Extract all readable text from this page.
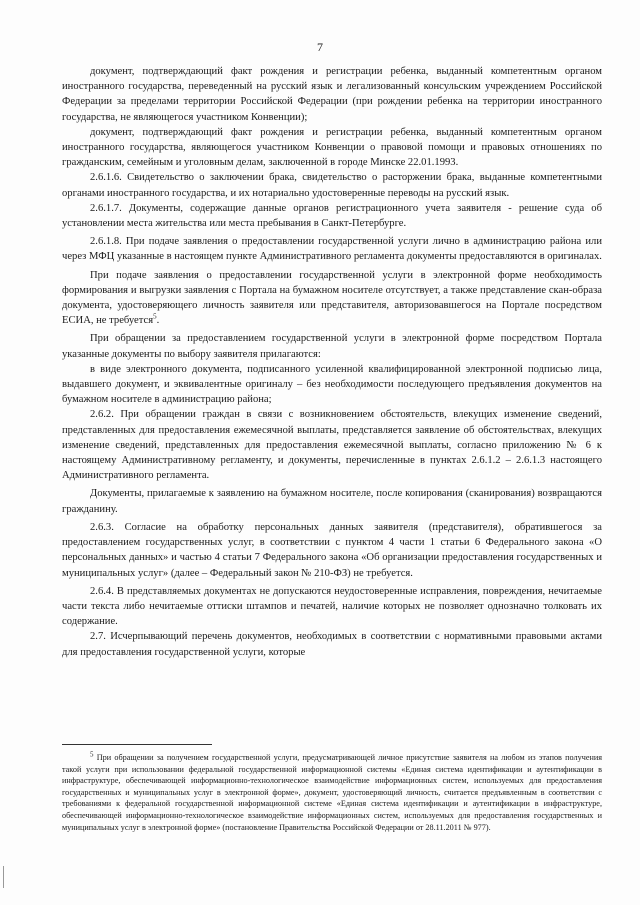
7

документ, подтверждающий факт рождения и регистрации ребенка, выданный компетентным органом иностранного государства, переведенный на русский язык и легализованный консульским учреждением Российской Федерации за пределами территории Российской Федерации (при рождении ребенка на территории иностранного государства, не являющегося участником Конвенции);

документ, подтверждающий факт рождения и регистрации ребенка, выданный компетентным органом иностранного государства, являющегося участником Конвенции о правовой помощи и правовых отношениях по гражданским, семейным и уголовным делам, заключенной в городе Минске 22.01.1993.

2.6.1.6. Свидетельство о заключении брака, свидетельство о расторжении брака, выданные компетентными органами иностранного государства, и их нотариально удостоверенные переводы на русский язык.

2.6.1.7. Документы, содержащие данные органов регистрационного учета заявителя - решение суда об установлении места жительства или места пребывания в Санкт-Петербурге.

2.6.1.8. При подаче заявления о предоставлении государственной услуги лично в администрацию района или через МФЦ указанные в настоящем пункте Административного регламента документы предоставляются в оригиналах.

При подаче заявления о предоставлении государственной услуги в электронной форме необходимость формирования и выгрузки заявления с Портала на бумажном носителе отсутствует, а также представление скан-образа документа, удостоверяющего личность заявителя или представителя, авторизовавшегося на Портале посредством ЕСИА, не требуется$^5$.

При обращении за предоставлением государственной услуги в электронной форме посредством Портала указанные документы по выбору заявителя прилагаются:

в виде электронного документа, подписанного усиленной квалифицированной электронной подписью лица, выдавшего документ, и эквивалентные оригиналу – без необходимости последующего предъявления документов на бумажном носителе в администрацию района;

2.6.2. При обращении граждан в связи с возникновением обстоятельств, влекущих изменение сведений, представленных для предоставления ежемесячной выплаты, представляется заявление об обстоятельствах, влекущих изменение сведений, представленных для предоставления ежемесячной выплаты, согласно приложению № 6 к настоящему Административному регламенту, и документы, перечисленные в пунктах 2.6.1.2 – 2.6.1.3 настоящего Административного регламента.

Документы, прилагаемые к заявлению на бумажном носителе, после копирования (сканирования) возвращаются гражданину.

2.6.3. Согласие на обработку персональных данных заявителя (представителя), обратившегося за предоставлением государственных услуг, в соответствии с пунктом 4 части 1 статьи 6 Федерального закона «О персональных данных» и частью 4 статьи 7 Федерального закона «Об организации предоставления государственных и муниципальных услуг» (далее – Федеральный закон № 210-ФЗ) не требуется.

2.6.4. В представляемых документах не допускаются неудостоверенные исправления, повреждения, нечитаемые части текста либо нечитаемые оттиски штампов и печатей, наличие которых не позволяет однозначно толковать их содержание.

2.7. Исчерпывающий перечень документов, необходимых в соответствии с нормативными правовыми актами для предоставления государственной услуги, которые

$^5$ При обращении за получением государственной услуги, предусматривающей личное присутствие заявителя на любом из этапов получения такой услуги при использовании федеральной государственной информационной системы «Единая система идентификации и аутентификации в инфраструктуре, обеспечивающей информационно-технологическое взаимодействие информационных систем, используемых для предоставления государственных и муниципальных услуг в электронной форме», документ, удостоверяющий личность, считается предъявленным в соответствии с требованиями к федеральной государственной информационной системе «Единая система идентификации и аутентификации в инфраструктуре, обеспечивающей информационно-технологическое взаимодействие информационных систем, используемых для предоставления государственных и муниципальных услуг в электронной форме» (постановление Правительства Российской Федерации от 28.11.2011 № 977).
